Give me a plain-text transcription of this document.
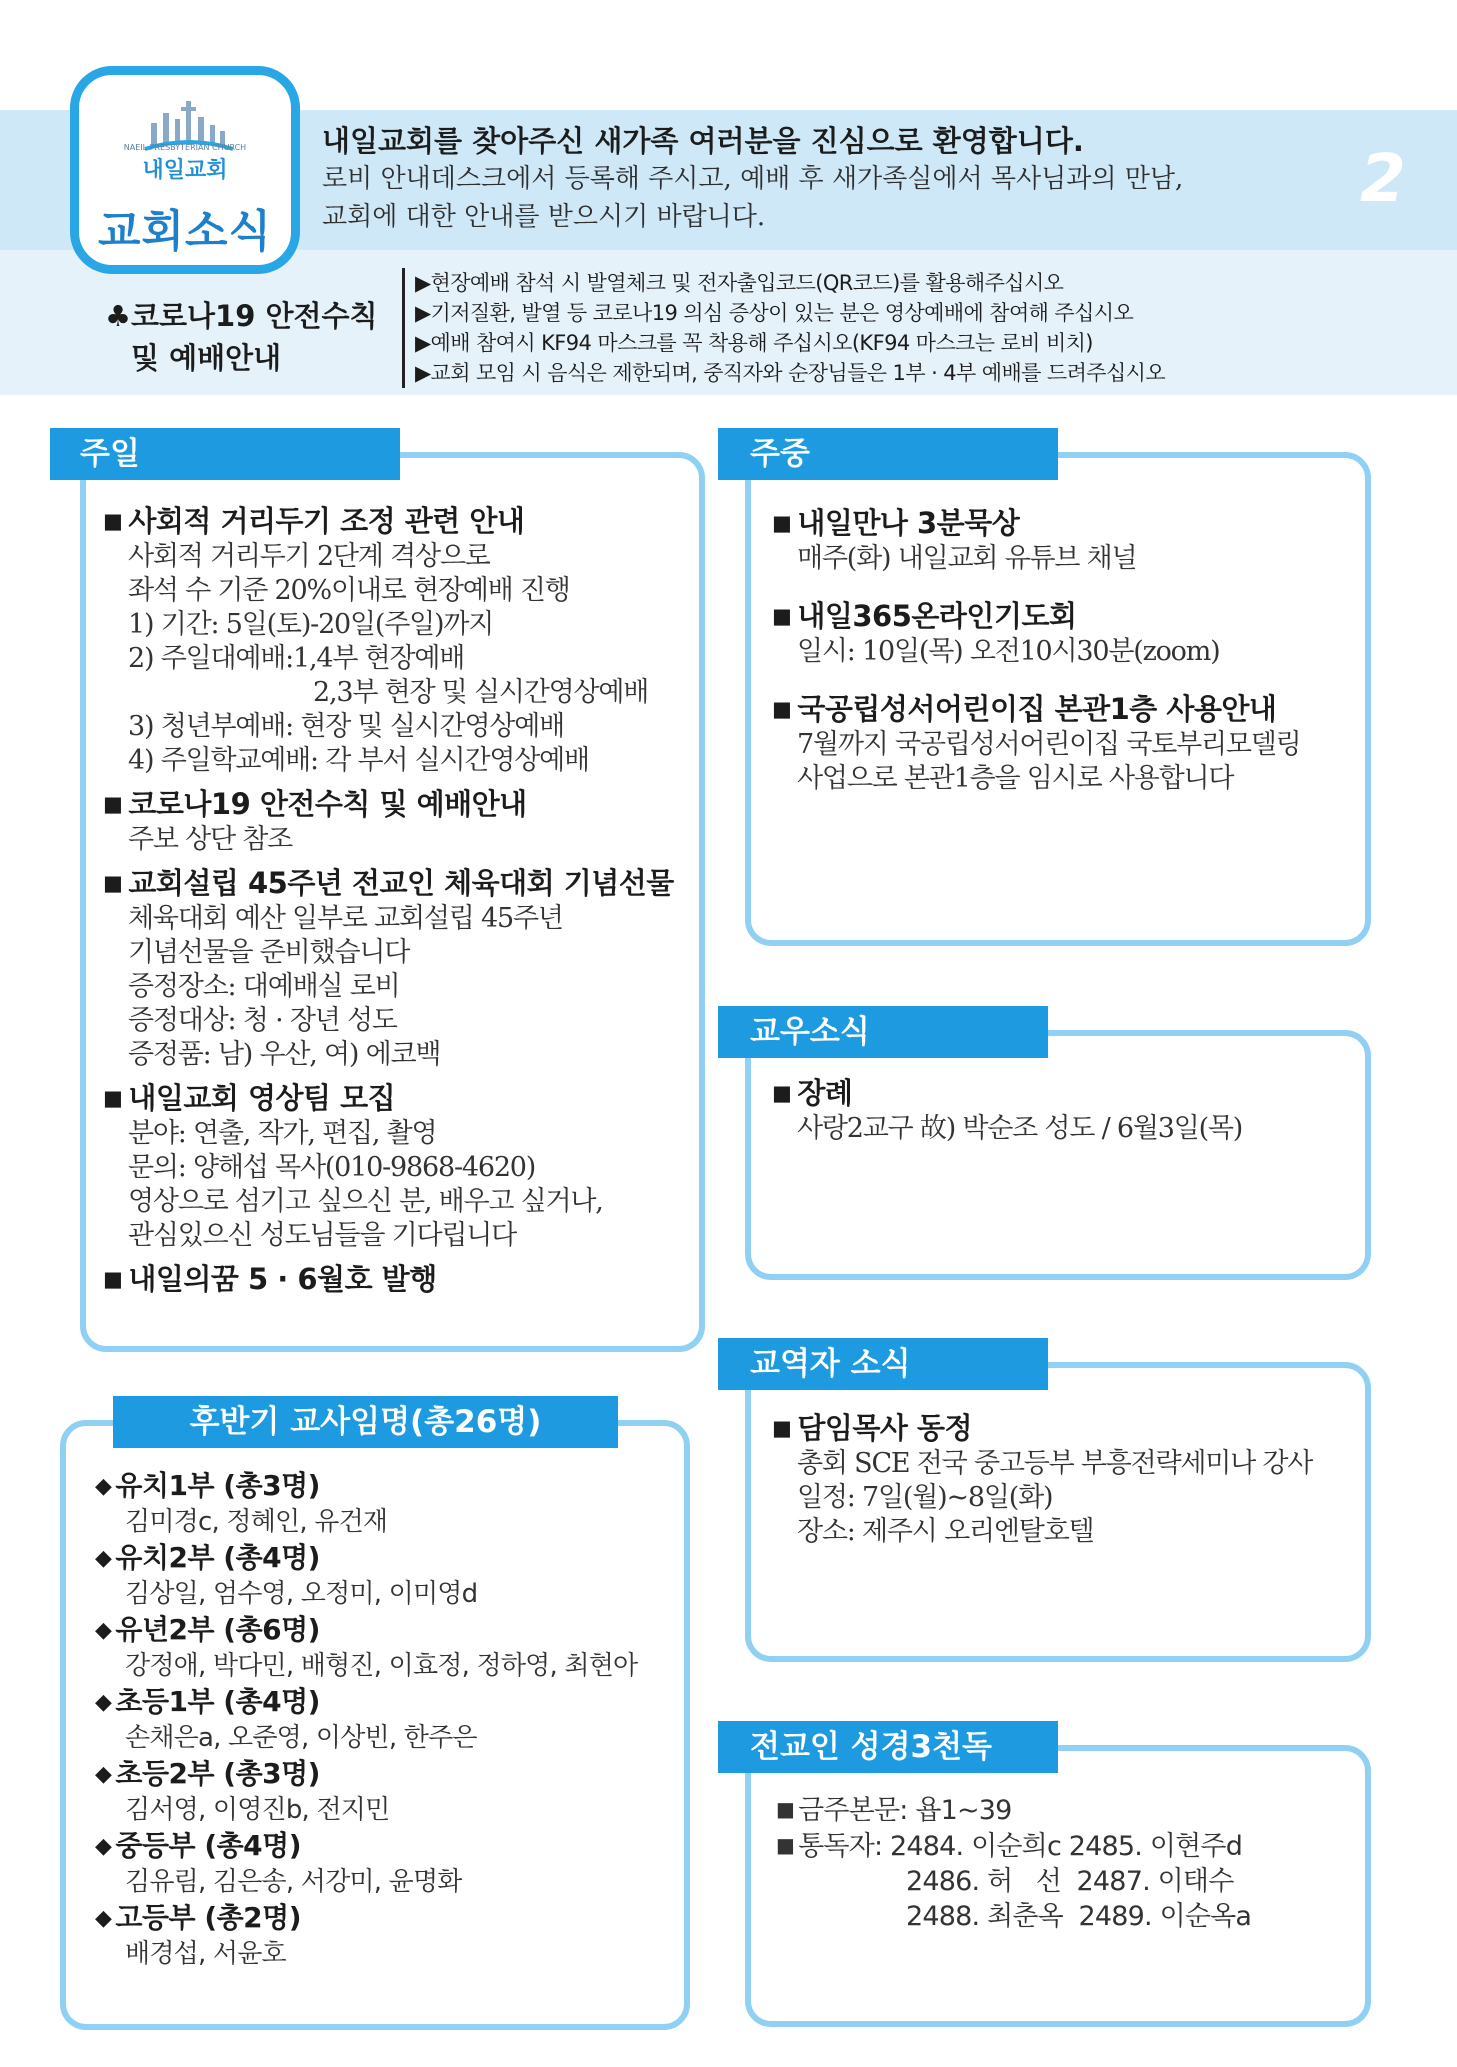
NAEIL PRESBYTERIAN CHURCH
내일교회
교회소식
내일교회를 찾아주신 새가족 여러분을 진심으로 환영합니다.
로비 안내데스크에서 등록해 주시고, 예배 후 새가족실에서 목사님과의 만남,
교회에 대한 안내를 받으시기 바랍니다.	2
♣코로나19 안전수칙
및 예배안내
▶현장예배 참석 시 발열체크 및 전자출입코드(QR코드)를 활용해주십시오
▶기저질환, 발열 등 코로나19 의심 증상이 있는 분은 영상예배에 참여해 주십시오
▶예배 참여시 KF94 마스크를 꼭 착용해 주십시오(KF94 마스크는 로비 비치)
▶교회 모임 시 음식은 제한되며, 중직자와 순장님들은 1부 · 4부 예배를 드려주십시오
주일
■ 사회적 거리두기 조정 관련 안내
사회적 거리두기 2단계 격상으로
좌석 수 기준 20%이내로 현장예배 진행
1) 기간: 5일(토)-20일(주일)까지
2) 주일대예배:1,4부 현장예배
2,3부 현장 및 실시간영상예배
3) 청년부예배: 현장 및 실시간영상예배
4) 주일학교예배: 각 부서 실시간영상예배
■ 코로나19 안전수칙 및 예배안내
주보 상단 참조
■ 교회설립 45주년 전교인 체육대회 기념선물
체육대회 예산 일부로 교회설립 45주년
기념선물을 준비했습니다
증정장소: 대예배실 로비
증정대상: 청 · 장년 성도
증정품: 남) 우산, 여) 에코백
■ 내일교회 영상팀 모집
분야: 연출, 작가, 편집, 촬영
문의: 양해섭 목사(010-9868-4620)
영상으로 섬기고 싶으신 분, 배우고 싶거나,
관심있으신 성도님들을 기다립니다
■ 내일의꿈 5 · 6월호 발행
주중
■ 내일만나 3분묵상
매주(화) 내일교회 유튜브 채널
■ 내일365온라인기도회
일시: 10일(목) 오전10시30분(zoom)
■ 국공립성서어린이집 본관1층 사용안내
7월까지 국공립성서어린이집 국토부리모델링
사업으로 본관1층을 임시로 사용합니다
교우소식
■ 장례
사랑2교구 故) 박순조 성도 / 6월3일(목)
후반기 교사임명(총26명)
◆ 유치1부 (총3명)
김미경c, 정혜인, 유건재
◆ 유치2부 (총4명)
김상일, 엄수영, 오정미, 이미영d
◆ 유년2부 (총6명)
강정애, 박다민, 배형진, 이효정, 정하영, 최현아
◆ 초등1부 (총4명)
손채은a, 오준영, 이상빈, 한주은
◆ 초등2부 (총3명)
김서영, 이영진b, 전지민
◆ 중등부 (총4명)
김유림, 김은송, 서강미, 윤명화
◆ 고등부 (총2명)
배경섭, 서윤호
교역자 소식
■ 담임목사 동정
총회 SCE 전국 중고등부 부흥전략세미나 강사
일정: 7일(월)~8일(화)
장소: 제주시 오리엔탈호텔
전교인 성경3천독
■ 금주본문: 욥1~39
■ 통독자: 2484. 이순희c 2485. 이현주d
2486. 허   선  2487. 이태수
2488. 최춘옥  2489. 이순옥a
